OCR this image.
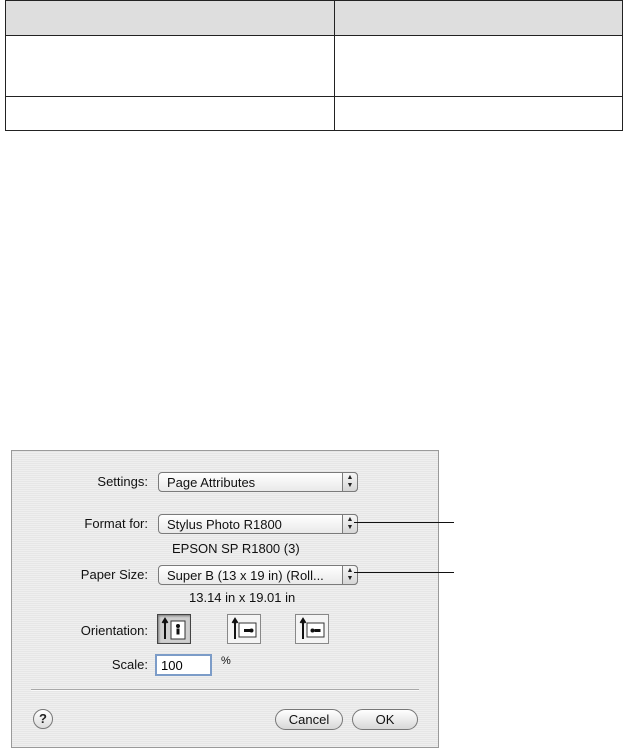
Settings: Page Attributes	▲
▼
Format for: Stylus Photo R1800	▲
▼
EPSON SP R1800 (3)
Paper Size: Super B (13 x 19 in) (Roll...	▲
▼
13.14 in x 19.01 in
Orientation:
Scale:
100	%
?	Cancel	OK
